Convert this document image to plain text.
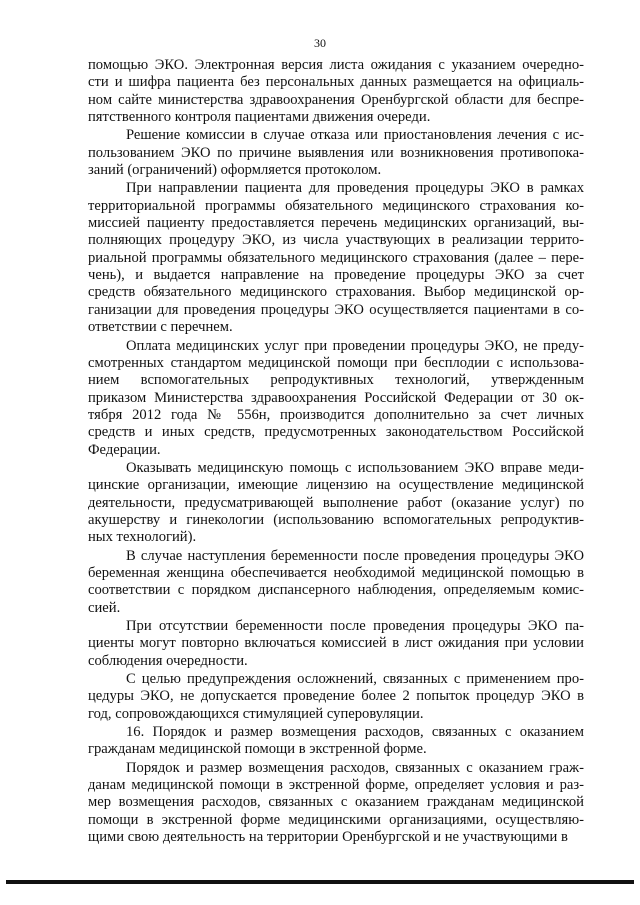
30
помощью ЭКО. Электронная версия листа ожидания с указанием очередно-
сти и шифра пациента без персональных данных размещается на официаль-
ном сайте министерства здравоохранения Оренбургской области для беспре-
пятственного контроля пациентами движения очереди.
Решение комиссии в случае отказа или приостановления лечения с ис-
пользованием ЭКО по причине выявления или возникновения противопока-
заний (ограничений) оформляется протоколом.
При направлении пациента для проведения процедуры ЭКО в рамках
территориальной программы обязательного медицинского страхования ко-
миссией пациенту предоставляется перечень медицинских организаций, вы-
полняющих процедуру ЭКО, из числа участвующих в реализации террито-
риальной программы обязательного медицинского страхования (далее – пере-
чень), и выдается направление на проведение процедуры ЭКО за счет
средств обязательного медицинского страхования. Выбор медицинской ор-
ганизации для проведения процедуры ЭКО осуществляется пациентами в со-
ответствии с перечнем.
Оплата медицинских услуг при проведении процедуры ЭКО, не преду-
смотренных стандартом медицинской помощи при бесплодии с использова-
нием вспомогательных репродуктивных технологий, утвержденным
приказом Министерства здравоохранения Российской Федерации от 30 ок-
тября 2012 года № 556н, производится дополнительно за счет личных
средств и иных средств, предусмотренных законодательством Российской
Федерации.
Оказывать медицинскую помощь с использованием ЭКО вправе меди-
цинские организации, имеющие лицензию на осуществление медицинской
деятельности, предусматривающей выполнение работ (оказание услуг) по
акушерству и гинекологии (использованию вспомогательных репродуктив-
ных технологий).
В случае наступления беременности после проведения процедуры ЭКО
беременная женщина обеспечивается необходимой медицинской помощью в
соответствии с порядком диспансерного наблюдения, определяемым комис-
сией.
При отсутствии беременности после проведения процедуры ЭКО па-
циенты могут повторно включаться комиссией в лист ожидания при условии
соблюдения очередности.
С целью предупреждения осложнений, связанных с применением про-
цедуры ЭКО, не допускается проведение более 2 попыток процедур ЭКО в
год, сопровождающихся стимуляцией суперовуляции.
16. Порядок и размер возмещения расходов, связанных с оказанием
гражданам медицинской помощи в экстренной форме.
Порядок и размер возмещения расходов, связанных с оказанием граж-
данам медицинской помощи в экстренной форме, определяет условия и раз-
мер возмещения расходов, связанных с оказанием гражданам медицинской
помощи в экстренной форме медицинскими организациями, осуществляю-
щими свою деятельность на территории Оренбургской и не участвующими в
